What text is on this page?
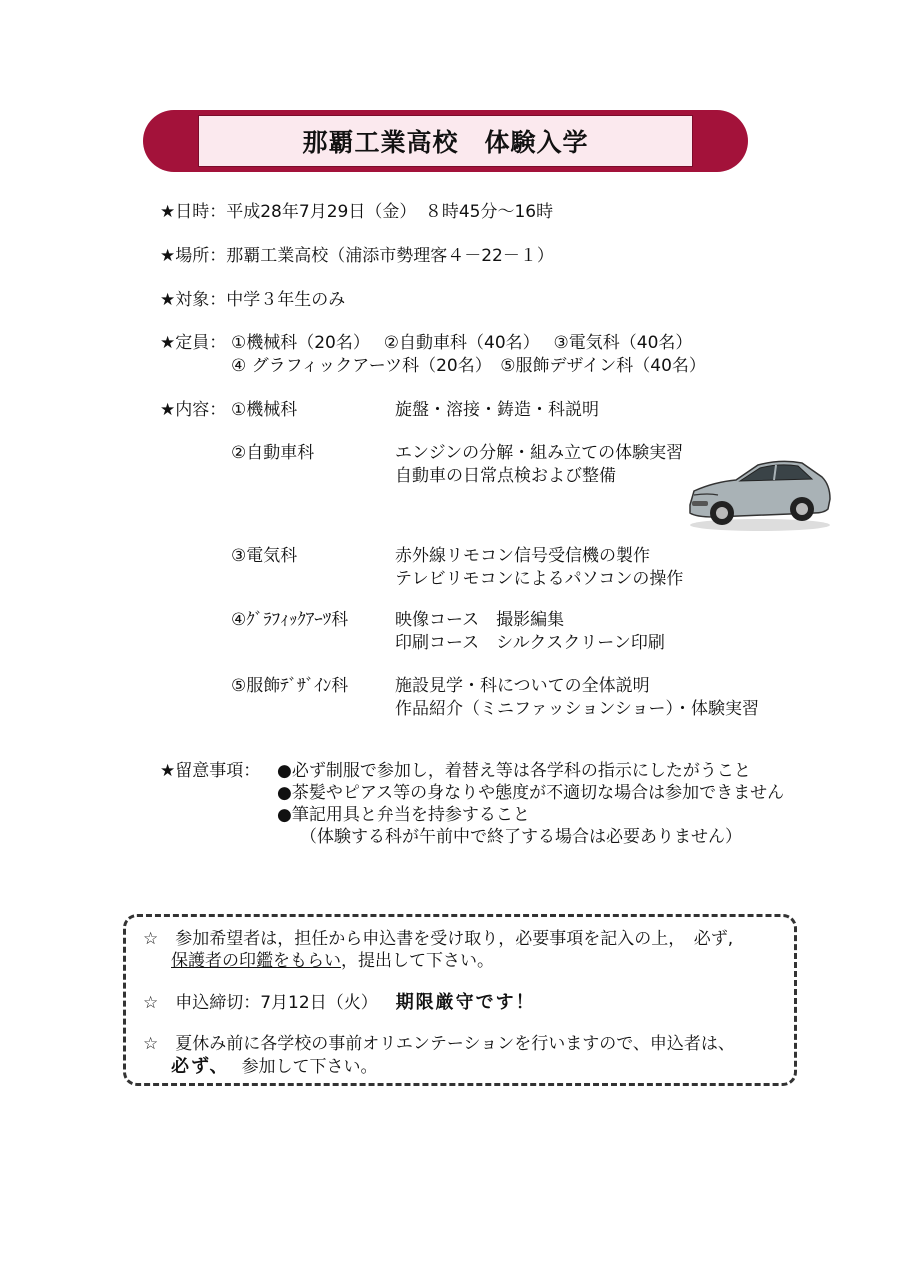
那覇工業高校　体験入学
★日時：平成28年7月29日（金）　８時45分～16時
★場所：那覇工業高校（浦添市勢理客４－22－１）
★対象：中学３年生のみ
★定員： ①機械科（20名）　 ②自動車科（40名）　 ③電気科（40名）
④ グラフィックアーツ科（20名）　⑤服飾デザイン科（40名）
★内容： ①機械科	旋盤・溶接・鋳造・科説明
②自動車科	エンジンの分解・組み立ての体験実習
自動車の日常点検および整備
③電気科	赤外線リモコン信号受信機の製作
テレビリモコンによるパソコンの操作
④ｸﾞﾗﾌｨｯｸｱｰﾂ科	映像コース　撮影編集
印刷コース　シルクスクリーン印刷
⑤服飾ﾃﾞｻﾞｲﾝ科	施設見学・科についての全体説明
作品紹介（ミニファッションショー）・体験実習
★留意事項： ●必ず制服で参加し，着替え等は各学科の指示にしたがうこと
●茶髪やピアス等の身なりや態度が不適切な場合は参加できません
●筆記用具と弁当を持参すること
（体験する科が午前中で終了する場合は必要ありません）
☆　参加希望者は，担任から申込書を受け取り，必要事項を記入の上，　必ず,
保護者の印鑑をもらい，提出して下さい。
☆　申込締切：7月12日（火） 期限厳守です！
☆　夏休み前に各学校の事前オリエンテーションを行いますので、申込者は、
必ず、 参加して下さい。
